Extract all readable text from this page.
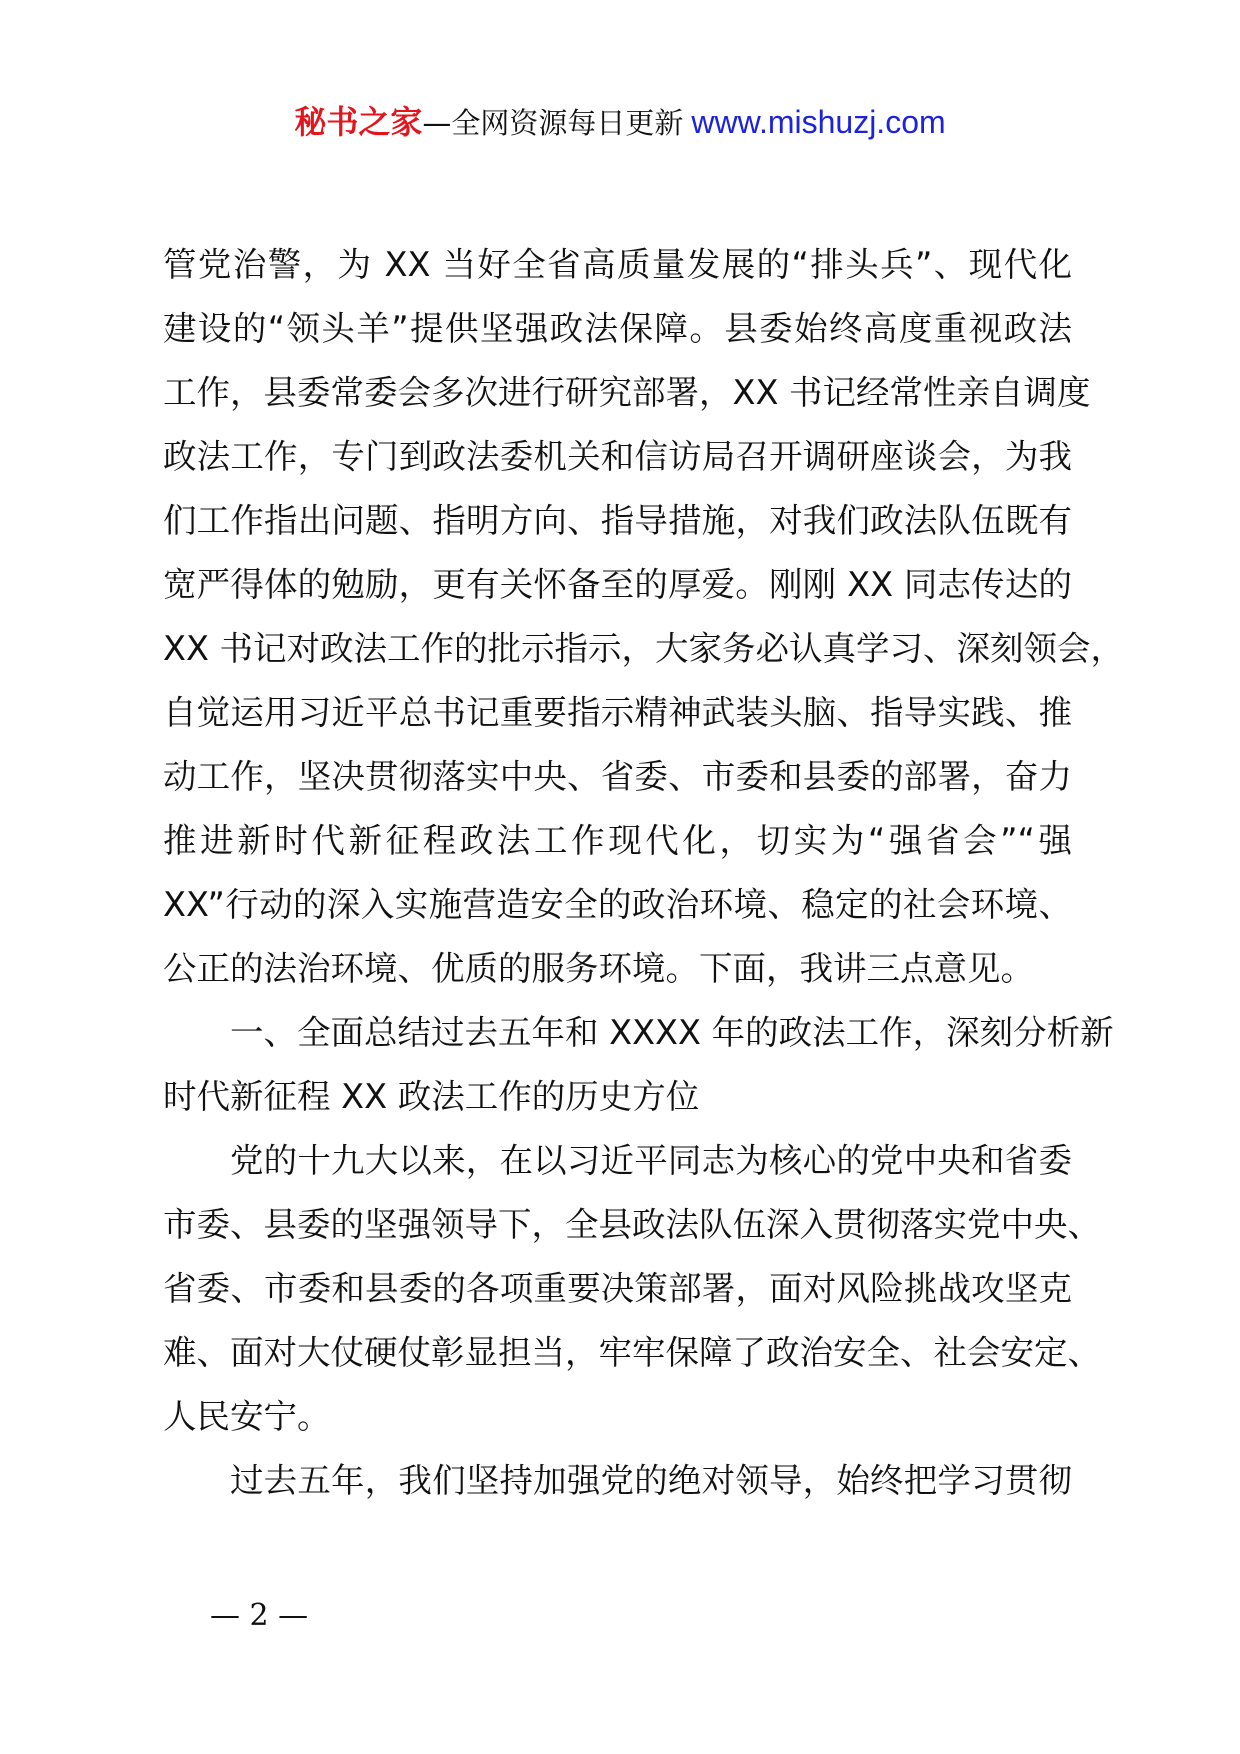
秘书之家—全网资源每日更新 www.mishuzj.com
管党治警，为 XX 当好全省高质量发展的“排头兵”、现代化
建设的“领头羊”提供坚强政法保障。县委始终高度重视政法
工作，县委常委会多次进行研究部署，XX 书记经常性亲自调度
政法工作，专门到政法委机关和信访局召开调研座谈会，为我
们工作指出问题、指明方向、指导措施，对我们政法队伍既有
宽严得体的勉励，更有关怀备至的厚爱。刚刚 XX 同志传达的
XX 书记对政法工作的批示指示，大家务必认真学习、深刻领会，
自觉运用习近平总书记重要指示精神武装头脑、指导实践、推
动工作，坚决贯彻落实中央、省委、市委和县委的部署，奋力
推进新时代新征程政法工作现代化，切实为“强省会”“强
XX”行动的深入实施营造安全的政治环境、稳定的社会环境、
公正的法治环境、优质的服务环境。下面，我讲三点意见。
一、全面总结过去五年和 XXXX 年的政法工作，深刻分析新
时代新征程 XX 政法工作的历史方位
党的十九大以来，在以习近平同志为核心的党中央和省委
市委、县委的坚强领导下，全县政法队伍深入贯彻落实党中央、
省委、市委和县委的各项重要决策部署，面对风险挑战攻坚克
难、面对大仗硬仗彰显担当，牢牢保障了政治安全、社会安定、
人民安宁。
过去五年，我们坚持加强党的绝对领导，始终把学习贯彻
— 2 —
